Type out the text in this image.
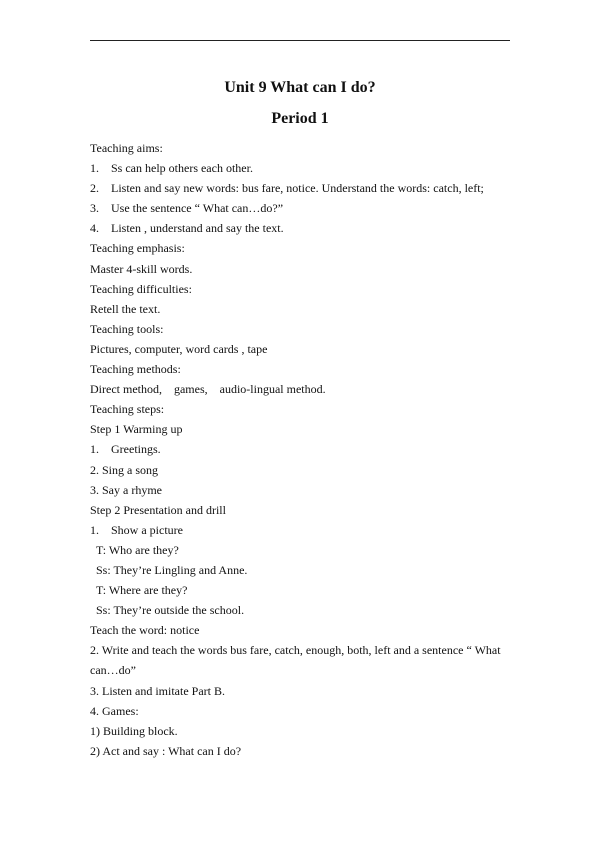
Unit 9 What can I do?
Period 1
Teaching aims:
1. Ss can help others each other.
2. Listen and say new words: bus fare, notice. Understand the words: catch, left;
3. Use the sentence “ What can…do?”
4. Listen , understand and say the text.
Teaching emphasis:
Master 4-skill words.
Teaching difficulties:
Retell the text.
Teaching tools:
Pictures, computer, word cards , tape
Teaching methods:
Direct method,    games,    audio-lingual method.
Teaching steps:
Step 1 Warming up
1. Greetings.
2. Sing a song
3. Say a rhyme
Step 2 Presentation and drill
1. Show a picture
T: Who are they?
Ss: They’re Lingling and Anne.
T: Where are they?
Ss: They’re outside the school.
Teach the word: notice
2. Write and teach the words bus fare, catch, enough, both, left and a sentence “ What can…do”
3. Listen and imitate Part B.
4. Games:
1) Building block.
2) Act and say : What can I do?
